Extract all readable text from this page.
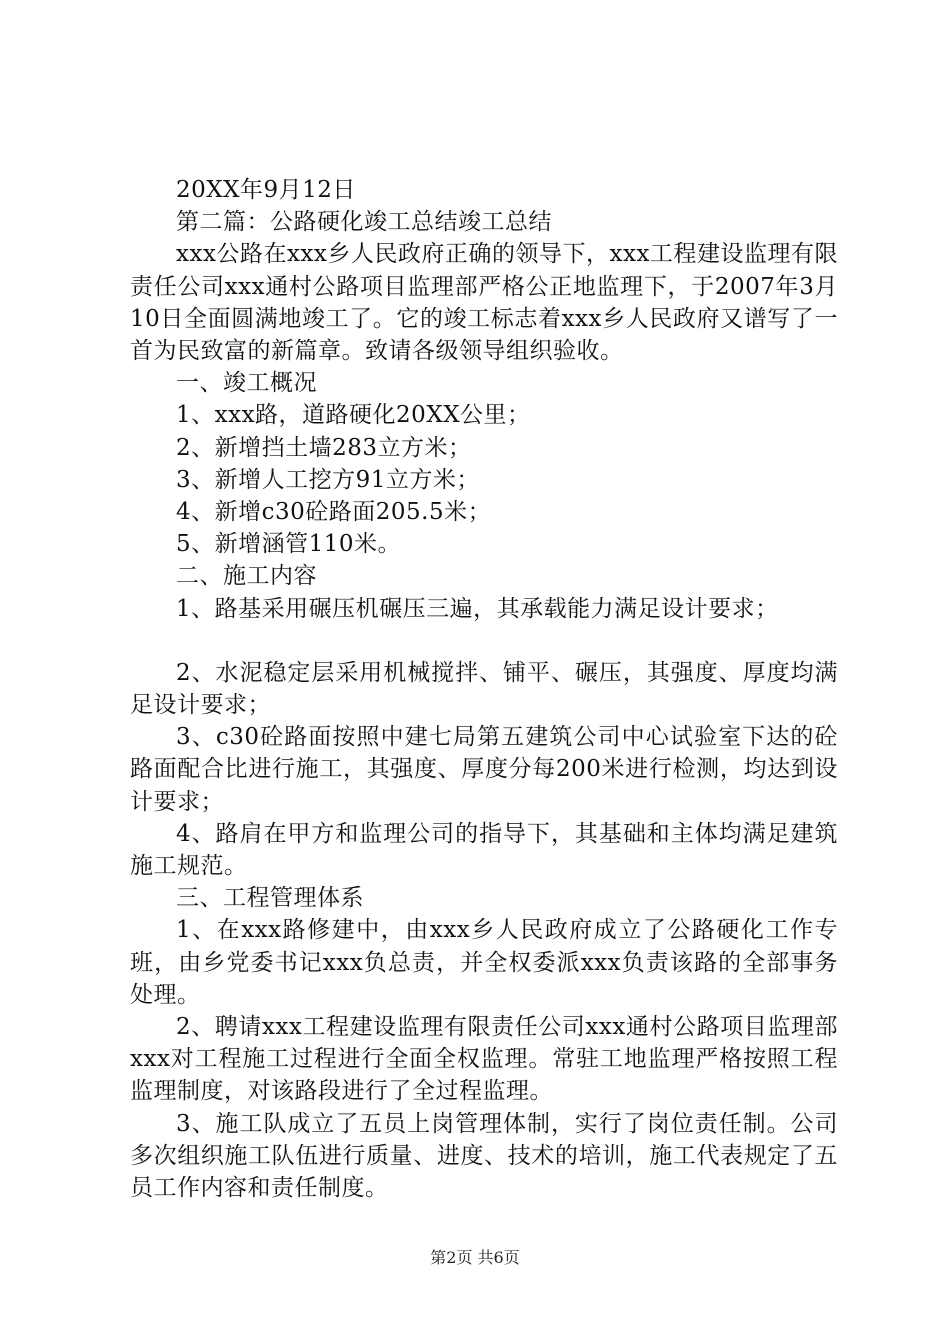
20XX年9月12日

第二篇：公路硬化竣工总结竣工总结

xxx公路在xxx乡人民政府正确的领导下，xxx工程建设监理有限责任公司xxx通村公路项目监理部严格公正地监理下，于2007年3月10日全面圆满地竣工了。它的竣工标志着xxx乡人民政府又谱写了一首为民致富的新篇章。致请各级领导组织验收。

一、竣工概况

1、xxx路，道路硬化20XX公里；

2、新增挡土墙283立方米；

3、新增人工挖方91立方米；

4、新增c30砼路面205.5米；

5、新增涵管110米。

二、施工内容

1、路基采用碾压机碾压三遍，其承载能力满足设计要求；

2、水泥稳定层采用机械搅拌、铺平、碾压，其强度、厚度均满足设计要求；

3、c30砼路面按照中建七局第五建筑公司中心试验室下达的砼路面配合比进行施工，其强度、厚度分每200米进行检测，均达到设计要求；

4、路肩在甲方和监理公司的指导下，其基础和主体均满足建筑施工规范。

三、工程管理体系

1、在xxx路修建中，由xxx乡人民政府成立了公路硬化工作专班，由乡党委书记xxx负总责，并全权委派xxx负责该路的全部事务处理。

2、聘请xxx工程建设监理有限责任公司xxx通村公路项目监理部xxx对工程施工过程进行全面全权监理。常驻工地监理严格按照工程监理制度，对该路段进行了全过程监理。

3、施工队成立了五员上岗管理体制，实行了岗位责任制。公司多次组织施工队伍进行质量、进度、技术的培训，施工代表规定了五员工作内容和责任制度。

第2页 共6页
